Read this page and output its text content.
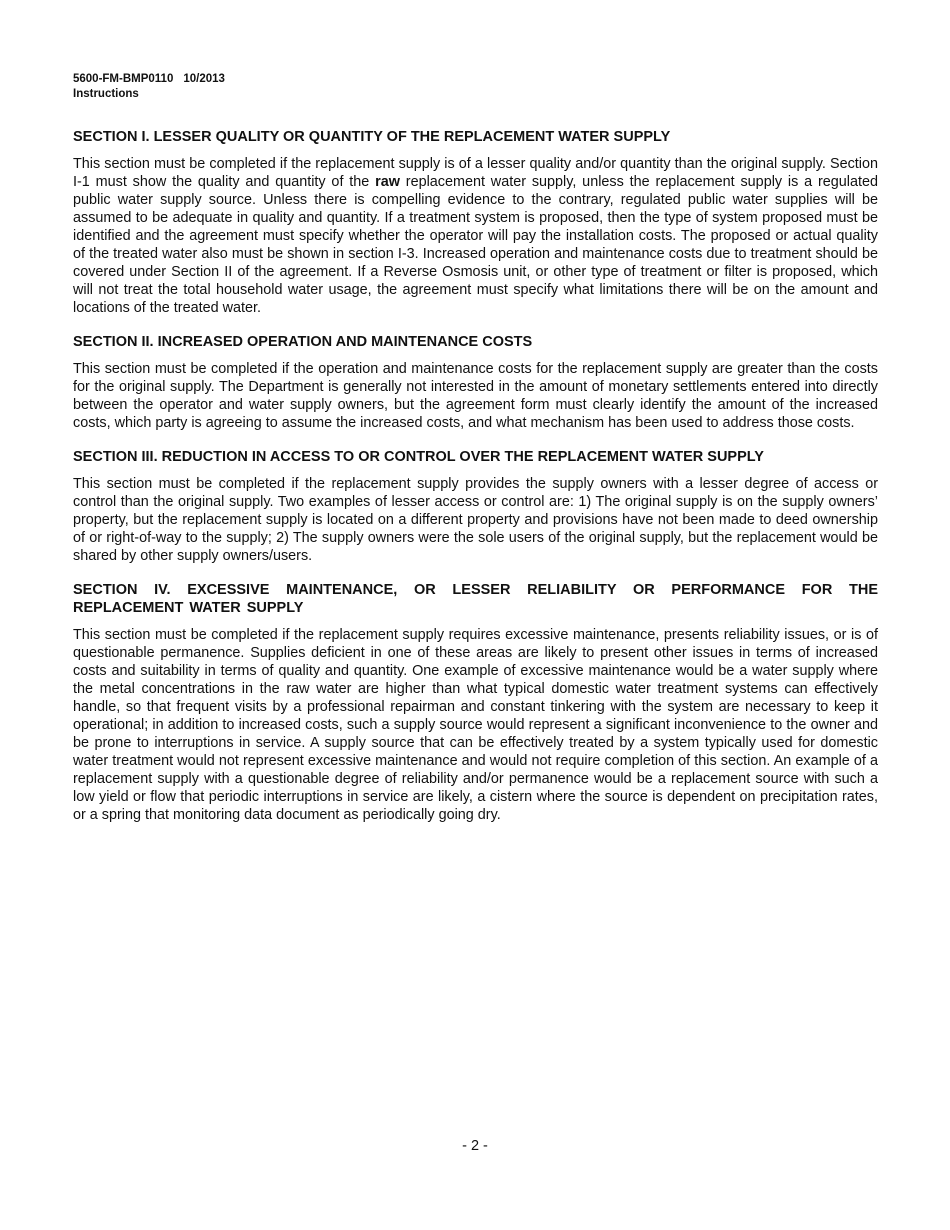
5600-FM-BMP0110 10/2013
Instructions
SECTION I. LESSER QUALITY OR QUANTITY OF THE REPLACEMENT WATER SUPPLY

This section must be completed if the replacement supply is of a lesser quality and/or quantity than the original supply. Section I-1 must show the quality and quantity of the raw replacement water supply, unless the replacement supply is a regulated public water supply source. Unless there is compelling evidence to the contrary, regulated public water supplies will be assumed to be adequate in quality and quantity. If a treatment system is proposed, then the type of system proposed must be identified and the agreement must specify whether the operator will pay the installation costs. The proposed or actual quality of the treated water also must be shown in section I-3. Increased operation and maintenance costs due to treatment should be covered under Section II of the agreement. If a Reverse Osmosis unit, or other type of treatment or filter is proposed, which will not treat the total household water usage, the agreement must specify what limitations there will be on the amount and locations of the treated water.

SECTION II. INCREASED OPERATION AND MAINTENANCE COSTS

This section must be completed if the operation and maintenance costs for the replacement supply are greater than the costs for the original supply. The Department is generally not interested in the amount of monetary settlements entered into directly between the operator and water supply owners, but the agreement form must clearly identify the amount of the increased costs, which party is agreeing to assume the increased costs, and what mechanism has been used to address those costs.

SECTION III. REDUCTION IN ACCESS TO OR CONTROL OVER THE REPLACEMENT WATER SUPPLY

This section must be completed if the replacement supply provides the supply owners with a lesser degree of access or control than the original supply. Two examples of lesser access or control are: 1) The original supply is on the supply owners’ property, but the replacement supply is located on a different property and provisions have not been made to deed ownership of or right-of-way to the supply; 2) The supply owners were the sole users of the original supply, but the replacement would be shared by other supply owners/users.

SECTION IV. EXCESSIVE MAINTENANCE, OR LESSER RELIABILITY OR PERFORMANCE FOR THE REPLACEMENT WATER SUPPLY

This section must be completed if the replacement supply requires excessive maintenance, presents reliability issues, or is of questionable permanence. Supplies deficient in one of these areas are likely to present other issues in terms of increased costs and suitability in terms of quality and quantity. One example of excessive maintenance would be a water supply where the metal concentrations in the raw water are higher than what typical domestic water treatment systems can effectively handle, so that frequent visits by a professional repairman and constant tinkering with the system are necessary to keep it operational; in addition to increased costs, such a supply source would represent a significant inconvenience to the owner and be prone to interruptions in service. A supply source that can be effectively treated by a system typically used for domestic water treatment would not represent excessive maintenance and would not require completion of this section. An example of a replacement supply with a questionable degree of reliability and/or permanence would be a replacement source with such a low yield or flow that periodic interruptions in service are likely, a cistern where the source is dependent on precipitation rates, or a spring that monitoring data document as periodically going dry.

- 2 -
